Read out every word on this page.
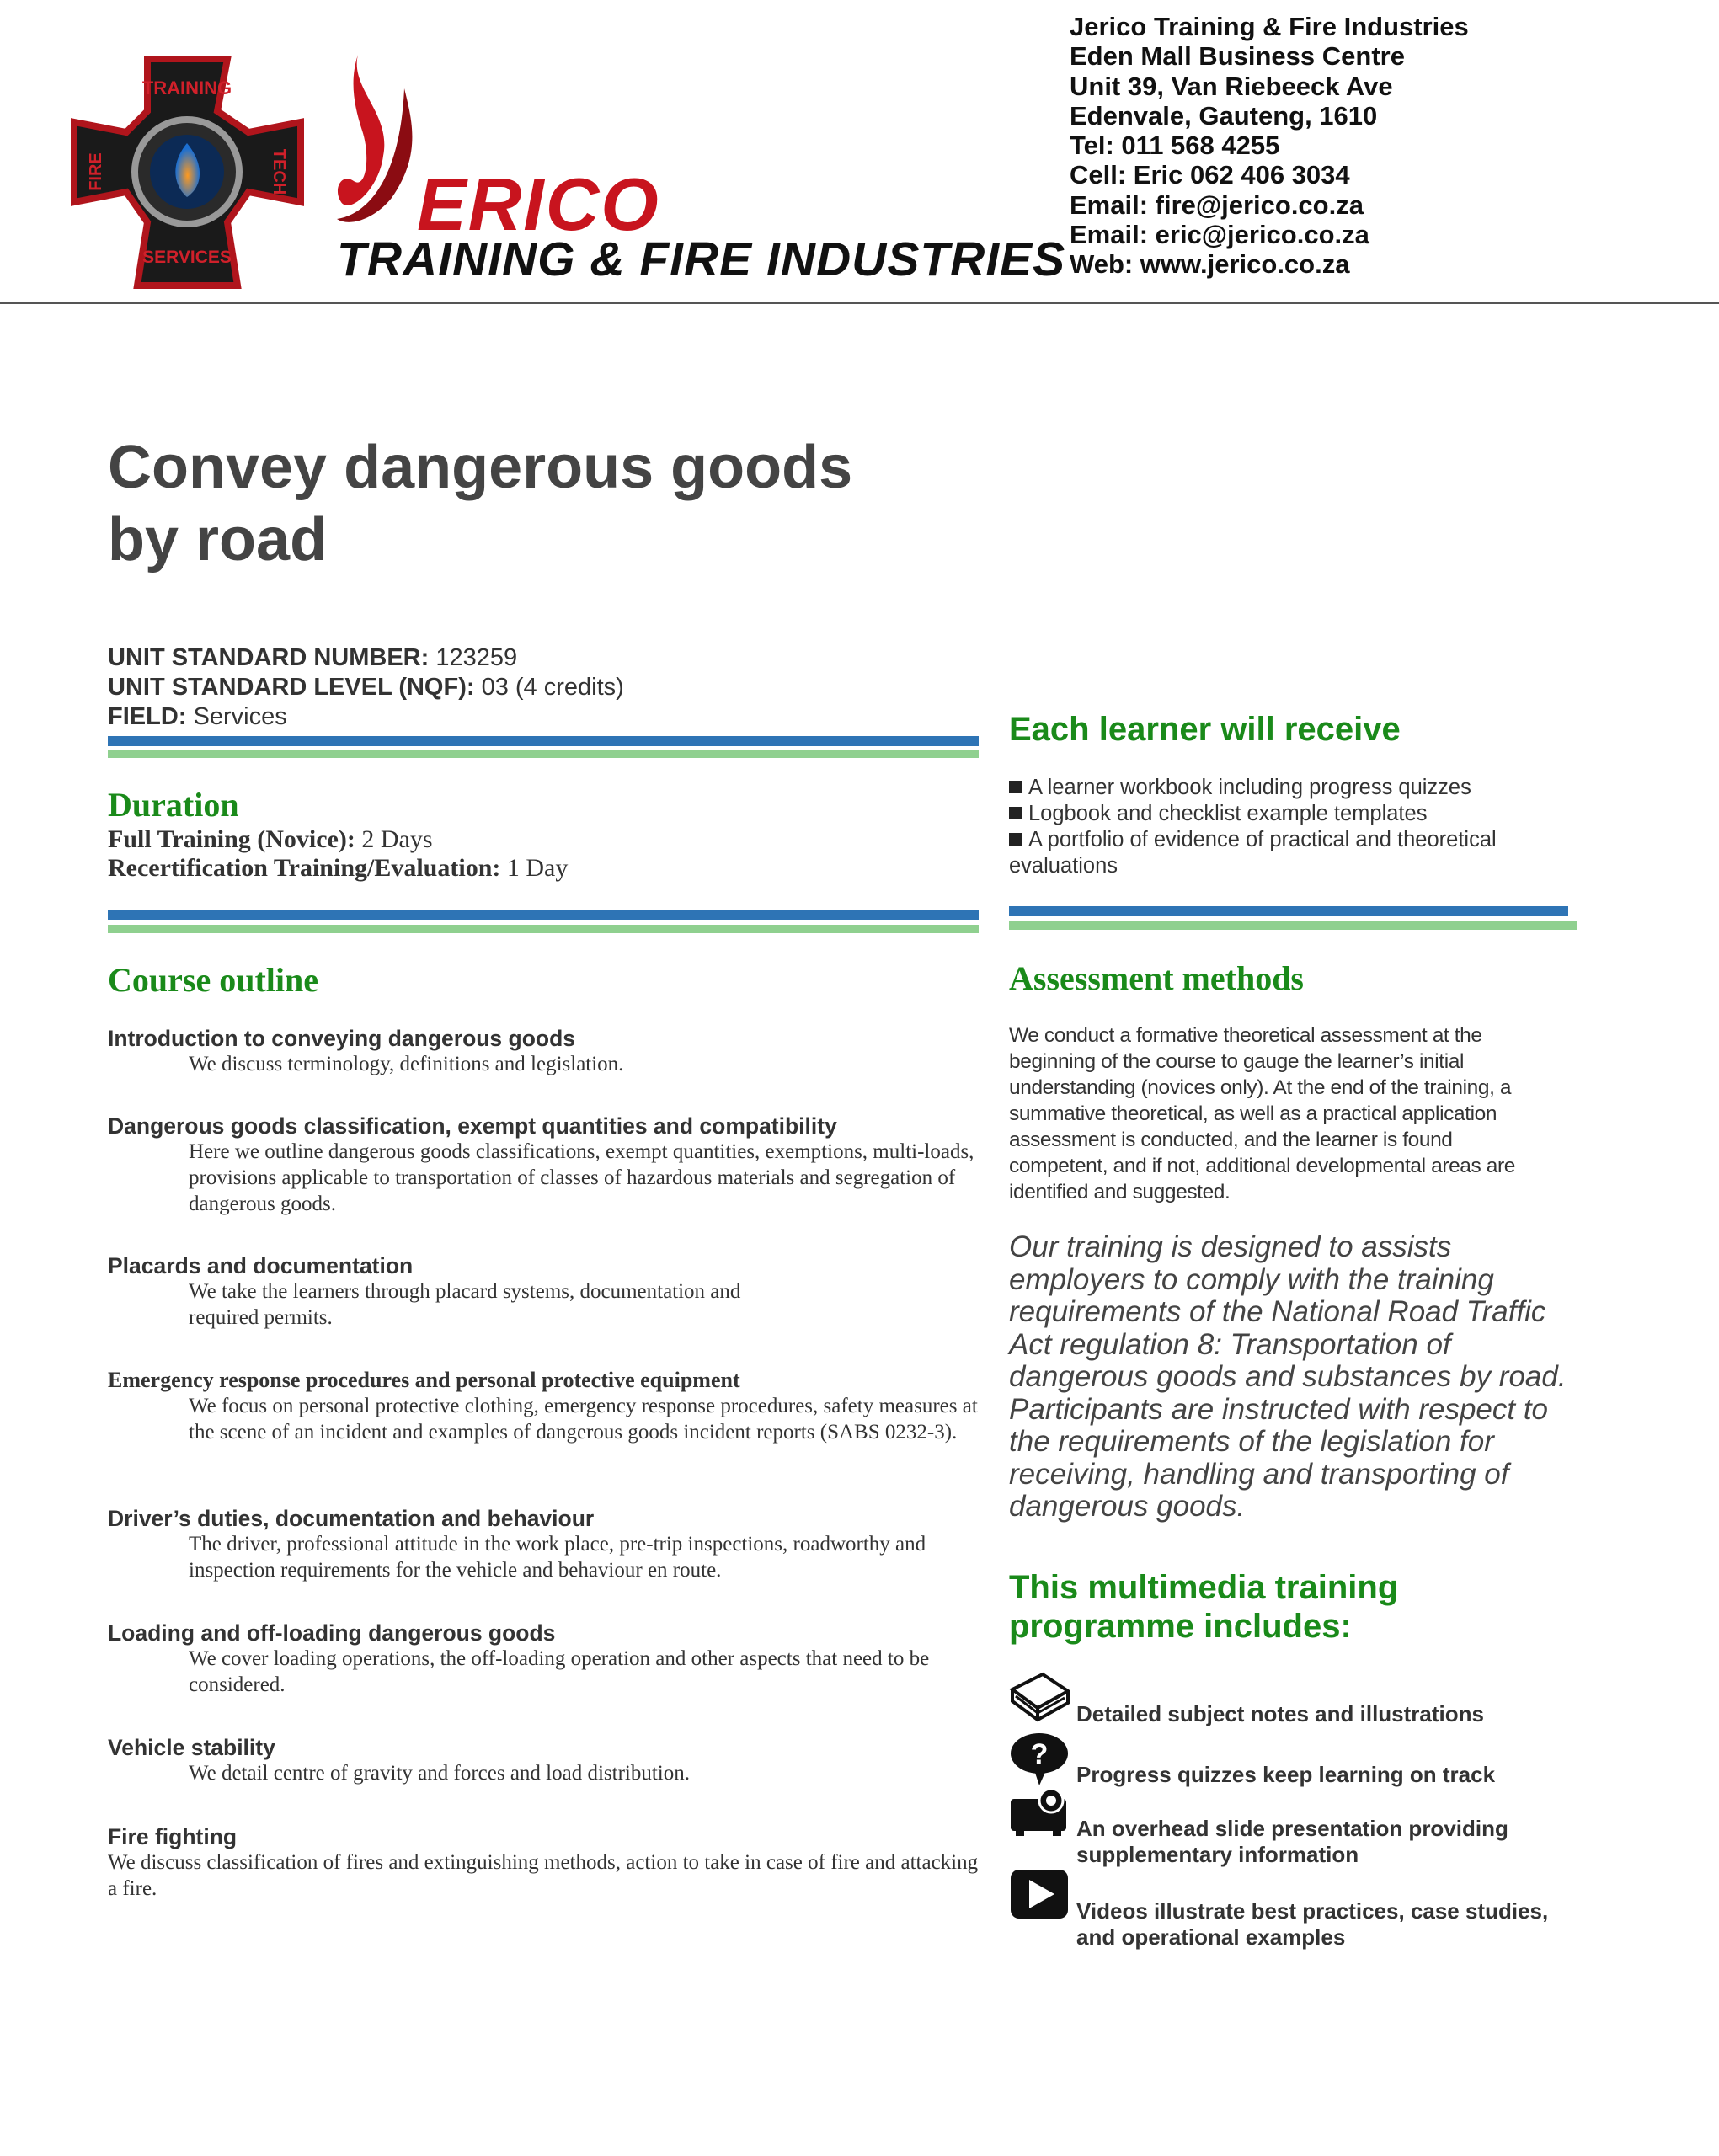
TRAINING
SERVICES
FIRE	TECH ERICO
TRAINING & FIRE INDUSTRIES
Jerico Training & Fire Industries
Eden Mall Business Centre
Unit 39, Van Riebeeck Ave
Edenvale, Gauteng, 1610
Tel: 011 568 4255
Cell: Eric 062 406 3034
Email: fire@jerico.co.za
Email: eric@jerico.co.za
Web: www.jerico.co.za
Convey dangerous goods
by road
UNIT STANDARD NUMBER: 123259
UNIT STANDARD LEVEL (NQF): 03 (4 credits)
FIELD: Services
Duration
Full Training (Novice): 2 Days
Recertification Training/Evaluation: 1 Day
Course outline
Introduction to conveying dangerous goods
We discuss terminology, definitions and legislation.
Dangerous goods classification, exempt quantities and compatibility
Here we outline dangerous goods classifications, exempt quantities, exemptions, multi-loads, provisions applicable to transportation of classes of hazardous materials and segregation of dangerous goods.
Placards and documentation
We take the learners through placard systems, documentation and required permits.
Emergency response procedures and personal protective equipment
We focus on personal protective clothing, emergency response procedures, safety measures at the scene of an incident and examples of dangerous goods incident reports (SABS 0232-3).
Driver’s duties, documentation and behaviour
The driver, professional attitude in the work place, pre-trip inspections, roadworthy and inspection requirements for the vehicle and behaviour en route.
Loading and off-loading dangerous goods
We cover loading operations, the off-loading operation and other aspects that need to be considered.
Vehicle stability
We detail centre of gravity and forces and load distribution.
Fire fighting
We discuss classification of fires and extinguishing methods, action to take in case of fire and attacking a fire.
Each learner will receive
A learner workbook including progress quizzes
Logbook and checklist example templates
A portfolio of evidence of practical and theoretical evaluations
Assessment methods
We conduct a formative theoretical assessment at the beginning of the course to gauge the learner’s initial understanding (novices only). At the end of the training, a summative theoretical, as well as a practical application assessment is conducted, and the learner is found competent, and if not, additional developmental areas are identified and suggested.
Our training is designed to assists employers to comply with the training requirements of the National Road Traffic Act regulation 8: Transportation of dangerous goods and substances by road. Participants are instructed with respect to the requirements of the legislation for receiving, handling and transporting of dangerous goods.
This multimedia training
programme includes:
Detailed subject notes and illustrations
?
Progress quizzes keep learning on track
An overhead slide presentation providing supplementary information
Videos illustrate best practices, case studies, and operational examples
